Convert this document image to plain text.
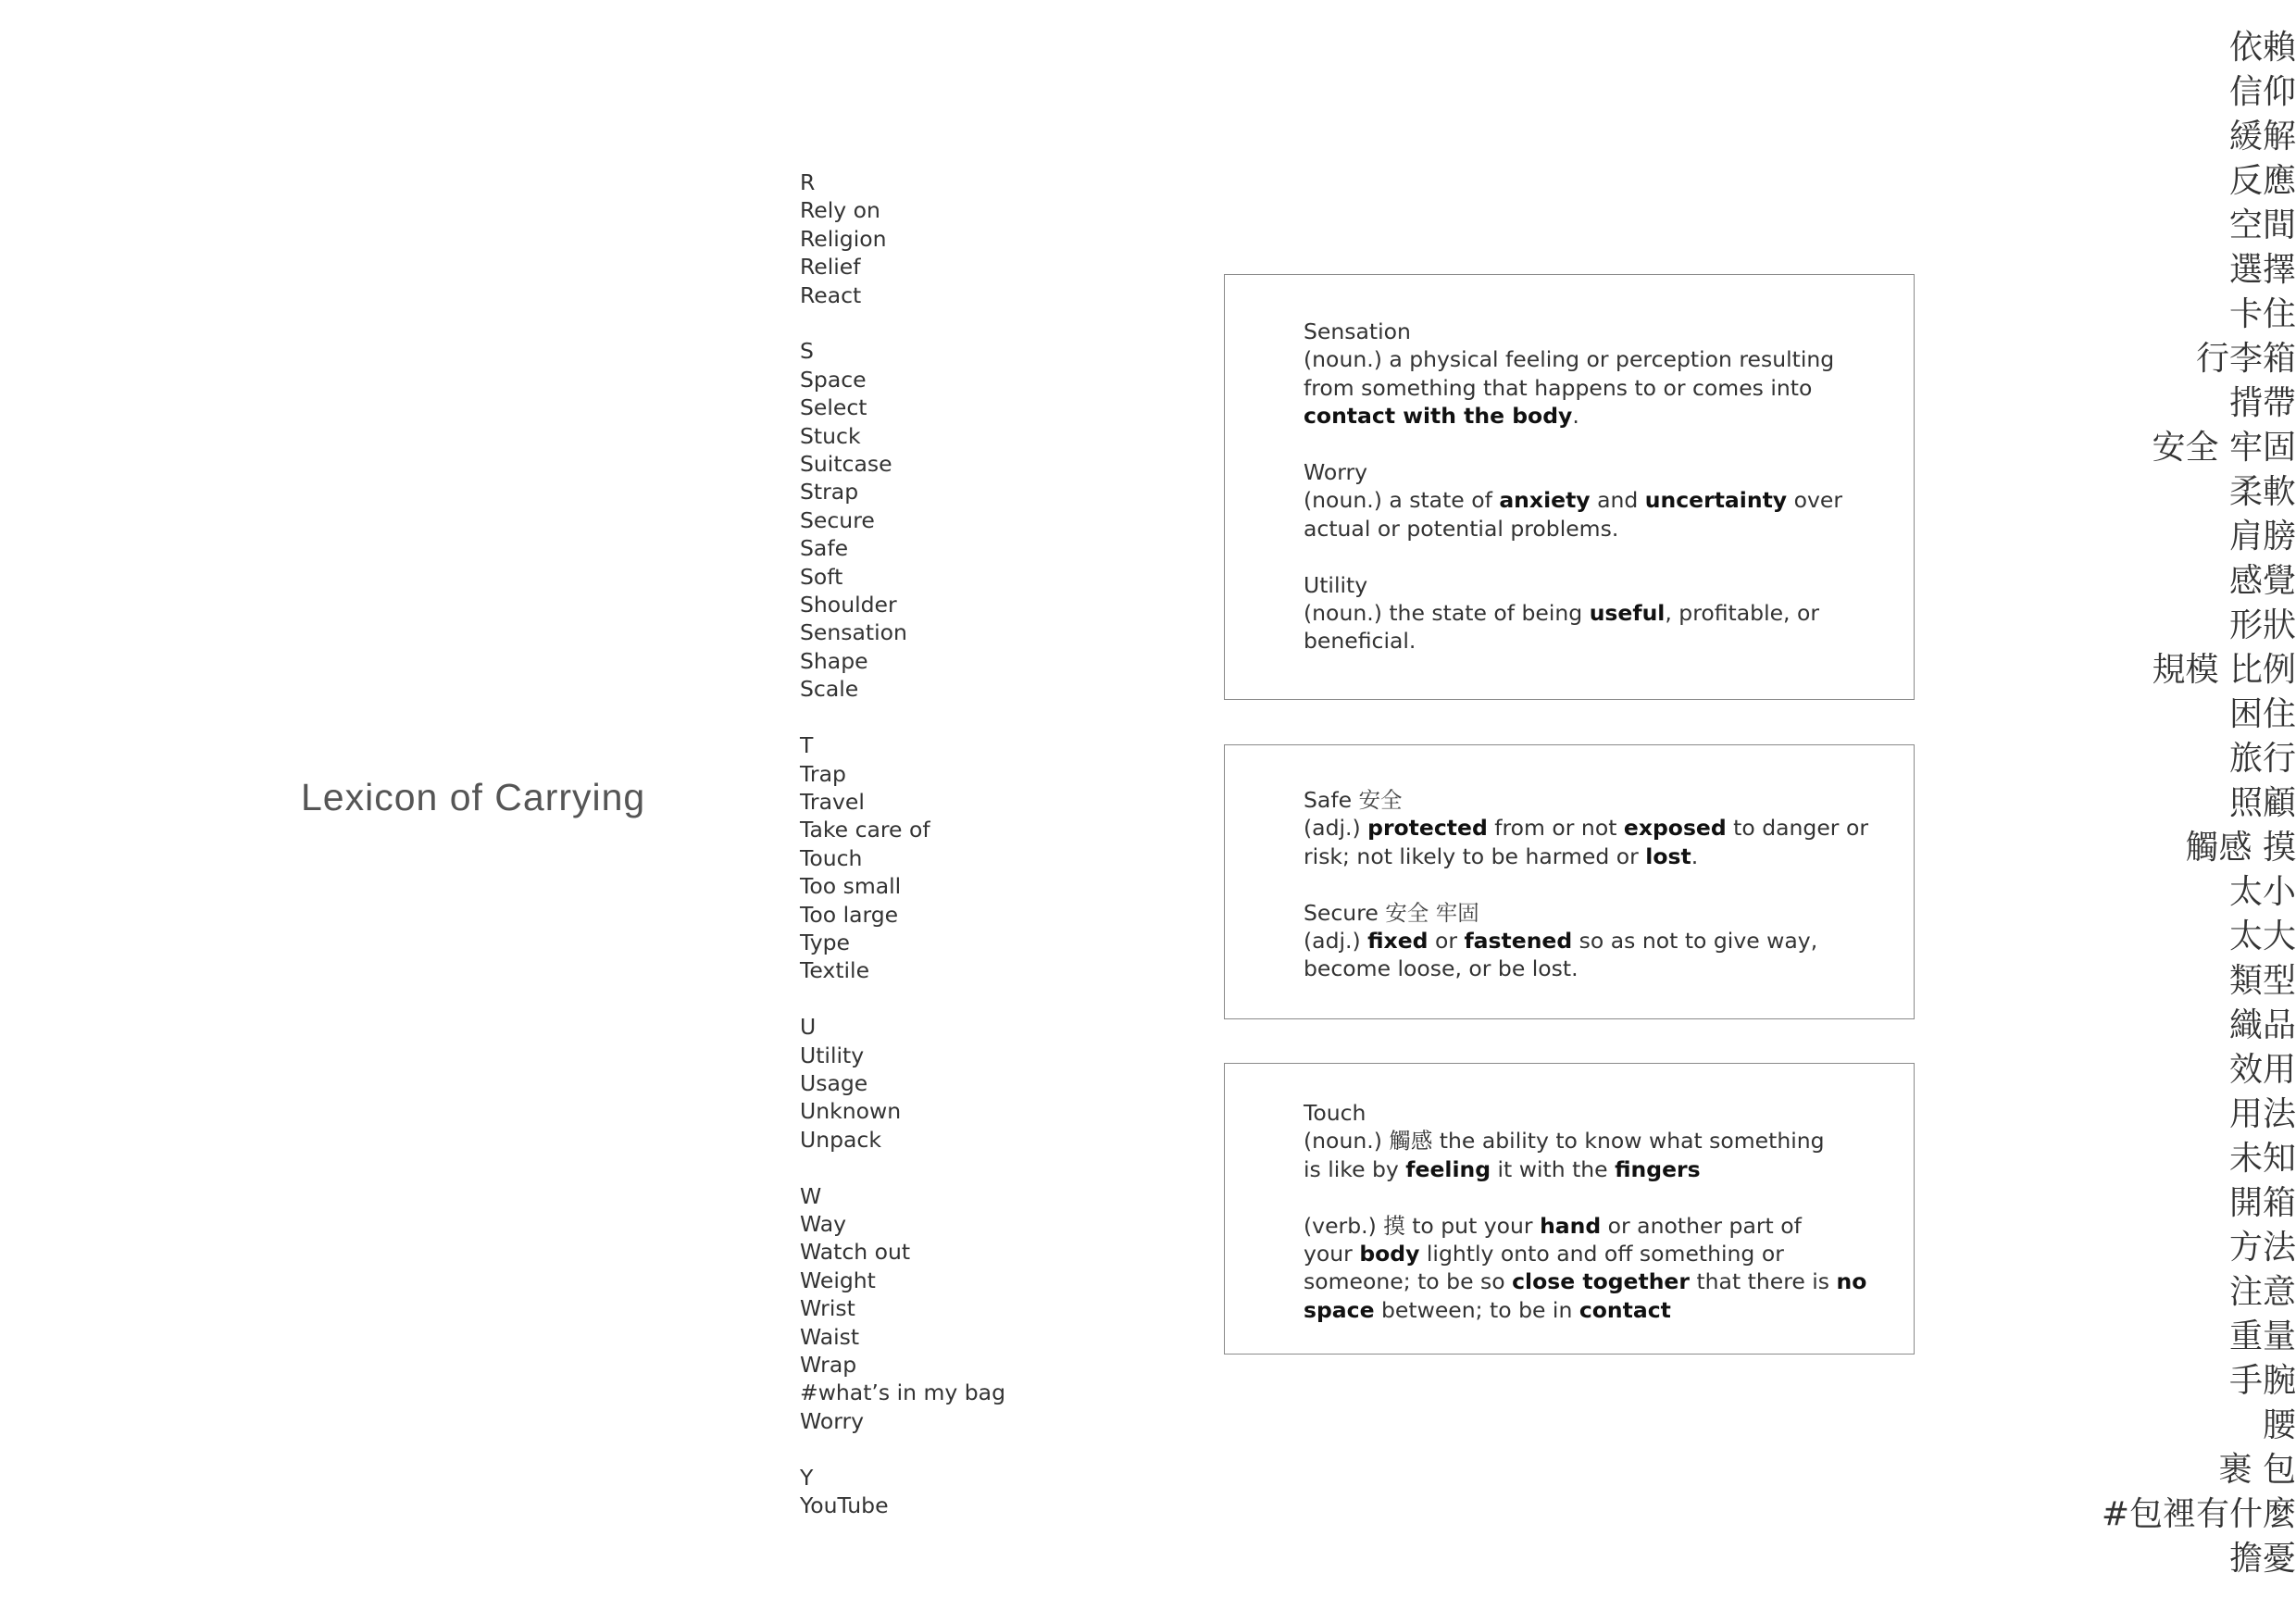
Lexicon of Carrying
R
Rely on
Religion
Relief
React
S
Space
Select
Stuck
Suitcase
Strap
Secure
Safe
Soft
Shoulder
Sensation
Shape
Scale
T
Trap
Travel
Take care of
Touch
Too small
Too large
Type
Textile
U
Utility
Usage
Unknown
Unpack
W
Way
Watch out
Weight
Wrist
Waist
Wrap
#what’s in my bag
Worry
Y
YouTube
Sensation
(noun.) a physical feeling or perception resulting
from something that happens to or comes into
contact with the body.
Worry
(noun.) a state of anxiety and uncertainty over
actual or potential problems.
Utility
(noun.) the state of being useful, profitable, or
beneficial.
Safe 安全
(adj.) protected from or not exposed to danger or
risk; not likely to be harmed or lost.
Secure 安全 牢固
(adj.) fixed or fastened so as not to give way,
become loose, or be lost.
Touch
(noun.) 觸感 the ability to know what something
is like by feeling it with the fingers
(verb.) 摸 to put your hand or another part of
your body lightly onto and off something or
someone; to be so close together that there is no
space between; to be in contact
依賴
信仰
緩解
反應
空間
選擇
卡住
行李箱
揹帶
安全 牢固
柔軟
肩膀
感覺
形狀
規模 比例
困住
旅行
照顧
觸感 摸
太小
太大
類型
織品
效用
用法
未知
開箱
方法
注意
重量
手腕
腰
裹 包
#包裡有什麼
擔憂
